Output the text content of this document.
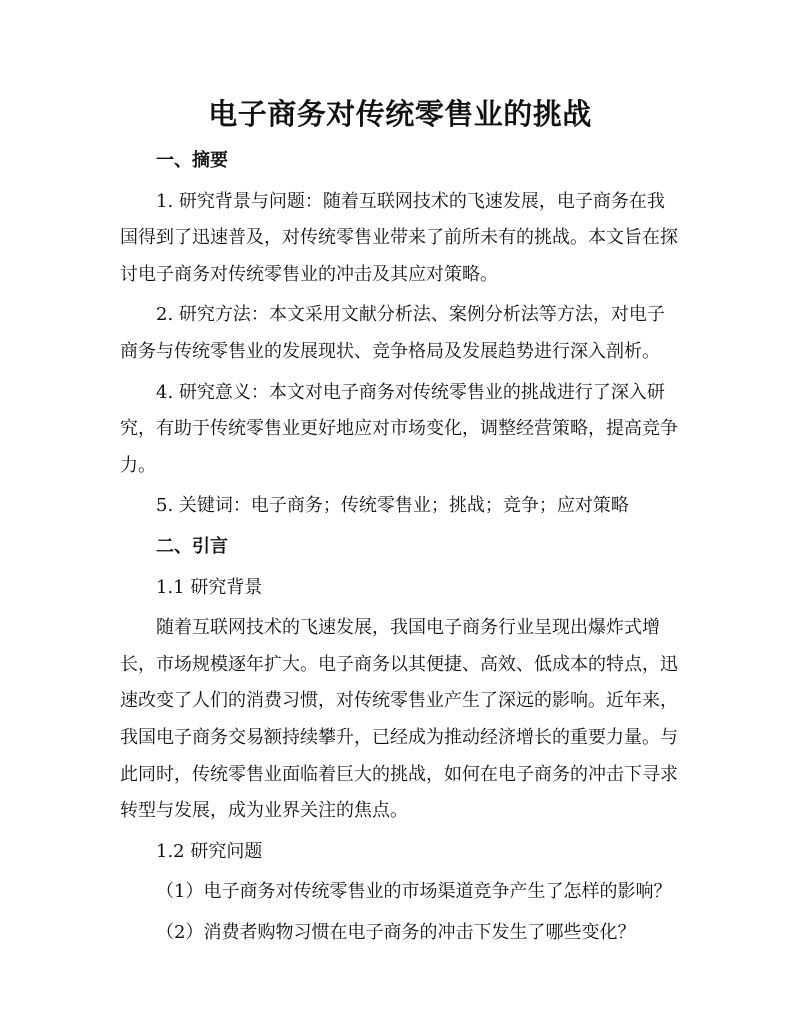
电子商务对传统零售业的挑战

一、摘要

1. 研究背景与问题：随着互联网技术的飞速发展，电子商务在我国得到了迅速普及，对传统零售业带来了前所未有的挑战。本文旨在探讨电子商务对传统零售业的冲击及其应对策略。

2. 研究方法：本文采用文献分析法、案例分析法等方法，对电子商务与传统零售业的发展现状、竞争格局及发展趋势进行深入剖析。

4. 研究意义：本文对电子商务对传统零售业的挑战进行了深入研究，有助于传统零售业更好地应对市场变化，调整经营策略，提高竞争力。

5. 关键词：电子商务；传统零售业；挑战；竞争；应对策略

二、引言

1.1 研究背景

随着互联网技术的飞速发展，我国电子商务行业呈现出爆炸式增长，市场规模逐年扩大。电子商务以其便捷、高效、低成本的特点，迅速改变了人们的消费习惯，对传统零售业产生了深远的影响。近年来，我国电子商务交易额持续攀升，已经成为推动经济增长的重要力量。与此同时，传统零售业面临着巨大的挑战，如何在电子商务的冲击下寻求转型与发展，成为业界关注的焦点。

1.2 研究问题

（1）电子商务对传统零售业的市场渠道竞争产生了怎样的影响？

（2）消费者购物习惯在电子商务的冲击下发生了哪些变化？
